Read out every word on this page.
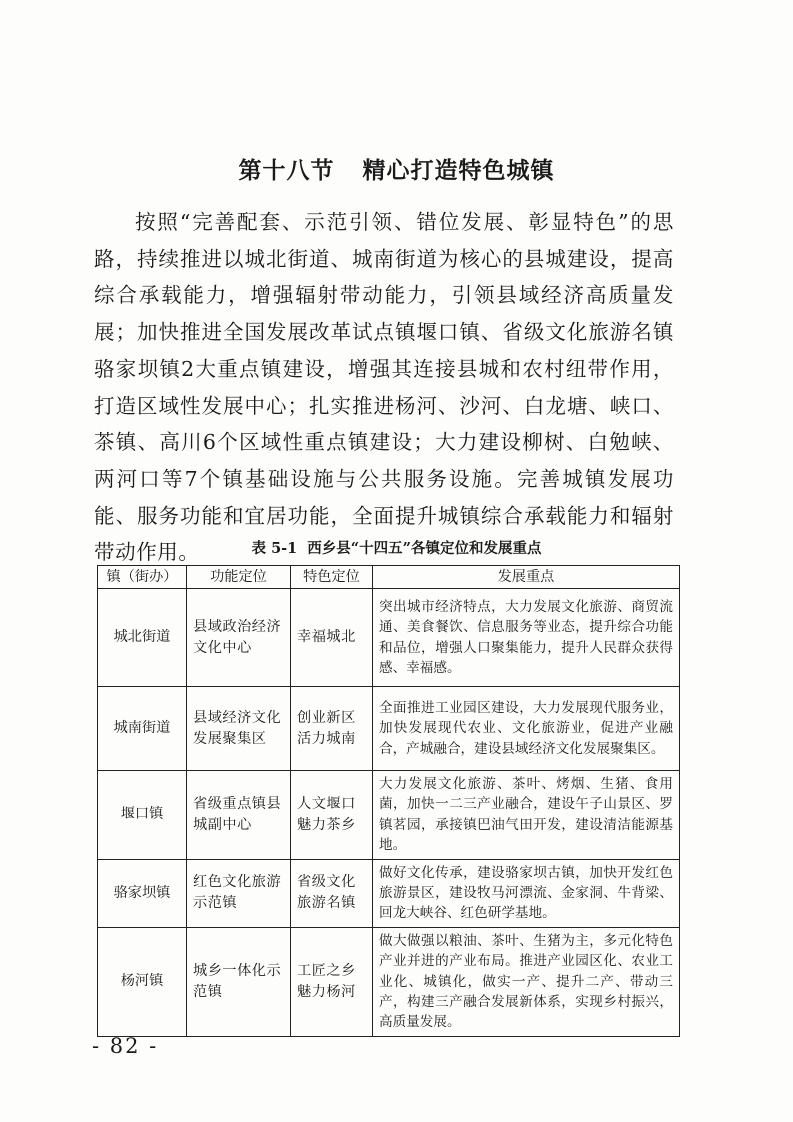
第十八节 精心打造特色城镇
按照“完善配套、示范引领、错位发展、彰显特色”的思路，持续推进以城北街道、城南街道为核心的县城建设，提高综合承载能力，增强辐射带动能力，引领县域经济高质量发展；加快推进全国发展改革试点镇堰口镇、省级文化旅游名镇骆家坝镇2大重点镇建设，增强其连接县城和农村纽带作用，打造区域性发展中心；扎实推进杨河、沙河、白龙塘、峡口、茶镇、高川6个区域性重点镇建设；大力建设柳树、白勉峡、两河口等7个镇基础设施与公共服务设施。完善城镇发展功能、服务功能和宜居功能，全面提升城镇综合承载能力和辐射带动作用。	表 5-1 西乡县“十四五”各镇定位和发展重点
镇（街办）	功能定位	特色定位	发展重点
城北街道	县域政治经济文化中心	幸福城北	突出城市经济特点，大力发展文化旅游、商贸流通、美食餐饮、信息服务等业态，提升综合功能和品位，增强人口聚集能力，提升人民群众获得感、幸福感。
城南街道	县域经济文化发展聚集区	创业新区活力城南	全面推进工业园区建设，大力发展现代服务业，加快发展现代农业、文化旅游业，促进产业融合，产城融合，建设县域经济文化发展聚集区。
堰口镇	省级重点镇县城副中心	人文堰口魅力茶乡	大力发展文化旅游、茶叶、烤烟、生猪、食用菌，加快一二三产业融合，建设午子山景区、罗镇茗园，承接镇巴油气田开发，建设清洁能源基地。
骆家坝镇	红色文化旅游示范镇	省级文化旅游名镇	做好文化传承，建设骆家坝古镇，加快开发红色旅游景区，建设牧马河漂流、金家洞、牛背梁、回龙大峡谷、红色研学基地。
杨河镇	城乡一体化示范镇	工匠之乡魅力杨河	做大做强以粮油、茶叶、生猪为主，多元化特色产业并进的产业布局。推进产业园区化、农业工业化、城镇化，做实一产、提升二产、带动三产，构建三产融合发展新体系，实现乡村振兴，高质量发展。
- 82 -
